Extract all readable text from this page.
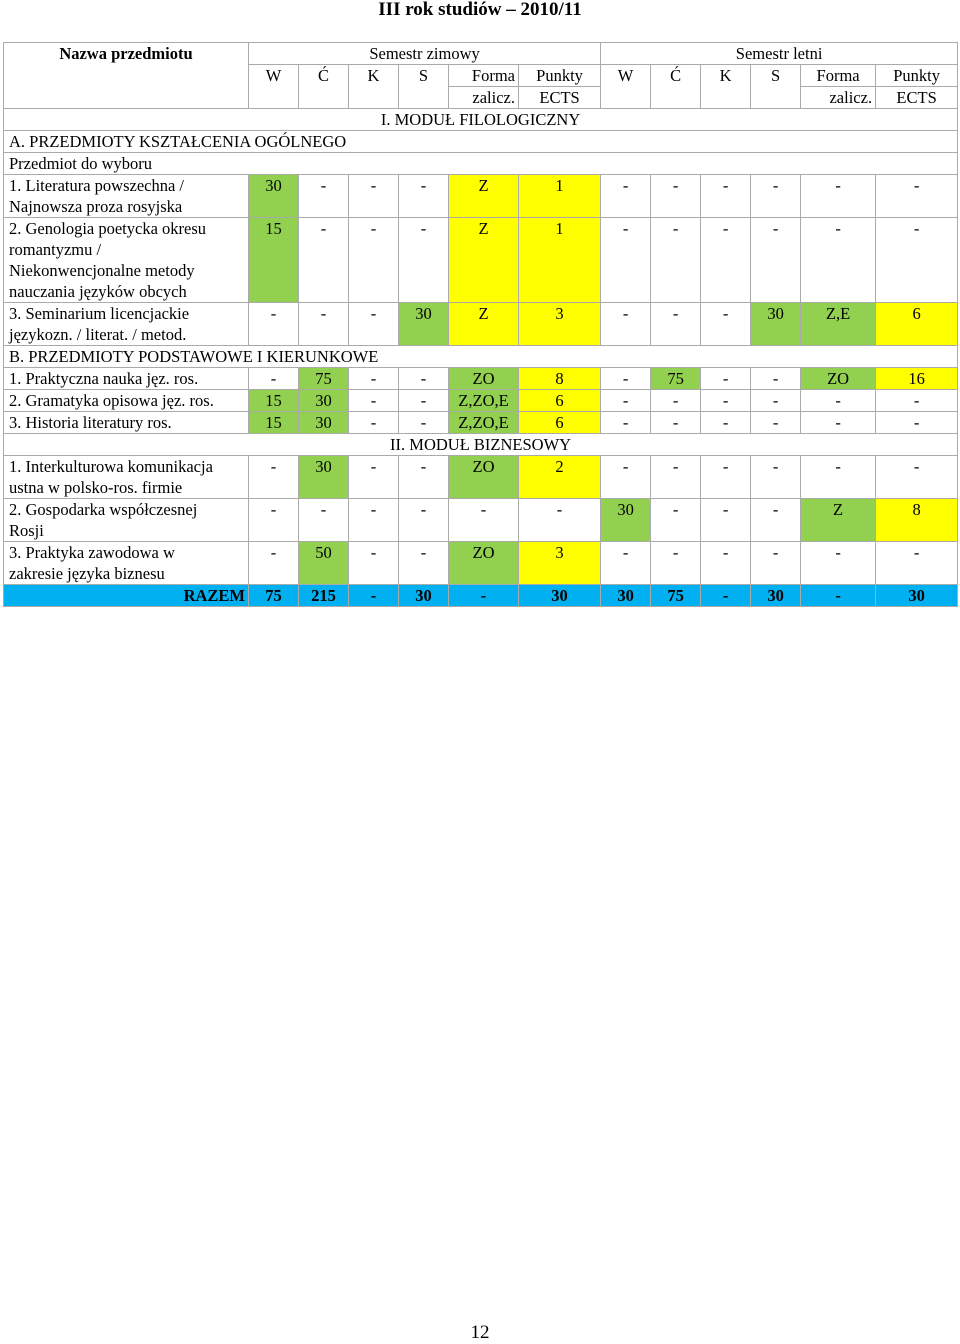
III rok studiów – 2010/11
Nazwa przedmiotu	Semestr zimowy						Semestr letni					
	W	Ć	K	S	Forma	Punkty	W	Ć	K	S	Forma	Punkty
					zalicz.	ECTS					zalicz.	ECTS
I. MODUŁ FILOLOGICZNY												
A. PRZEDMIOTY KSZTAŁCENIA OGÓLNEGO												
Przedmiot do wyboru												

1. Literatura powszechna /
Najnowsza proza rosyjska	30	-	-	-	Z	1	-	-	-	-	-	-

2. Genologia poetycka okresu
romantyzmu /
Niekonwencjonalne metody
nauczania języków obcych	15	-	-	-	Z	1	-	-	-	-	-	-

3. Seminarium licencjackie
językozn. / literat. / metod.	-	-	-	30	Z	3	-	-	-	30	Z,E	6
B. PRZEDMIOTY PODSTAWOWE I KIERUNKOWE												

1. Praktyczna nauka jęz. ros.	-	75	-	-	ZO	8	-	75	-	-	ZO	16

2. Gramatyka opisowa jęz. ros.	15	30	-	-	Z,ZO,E	6	-	-	-	-	-	-

3. Historia literatury ros.	15	30	-	-	Z,ZO,E	6	-	-	-	-	-	-
II. MODUŁ BIZNESOWY												

1. Interkulturowa komunikacja
ustna w polsko-ros. firmie	-	30	-	-	ZO	2	-	-	-	-	-	-

2. Gospodarka współczesnej
Rosji	-	-	-	-	-	-	30	-	-	-	Z	8

3. Praktyka zawodowa w
zakresie języka biznesu	-	50	-	-	ZO	3	-	-	-	-	-	-
RAZEM	75	215	-	30	-	30	30	75	-	30	-	30
12
